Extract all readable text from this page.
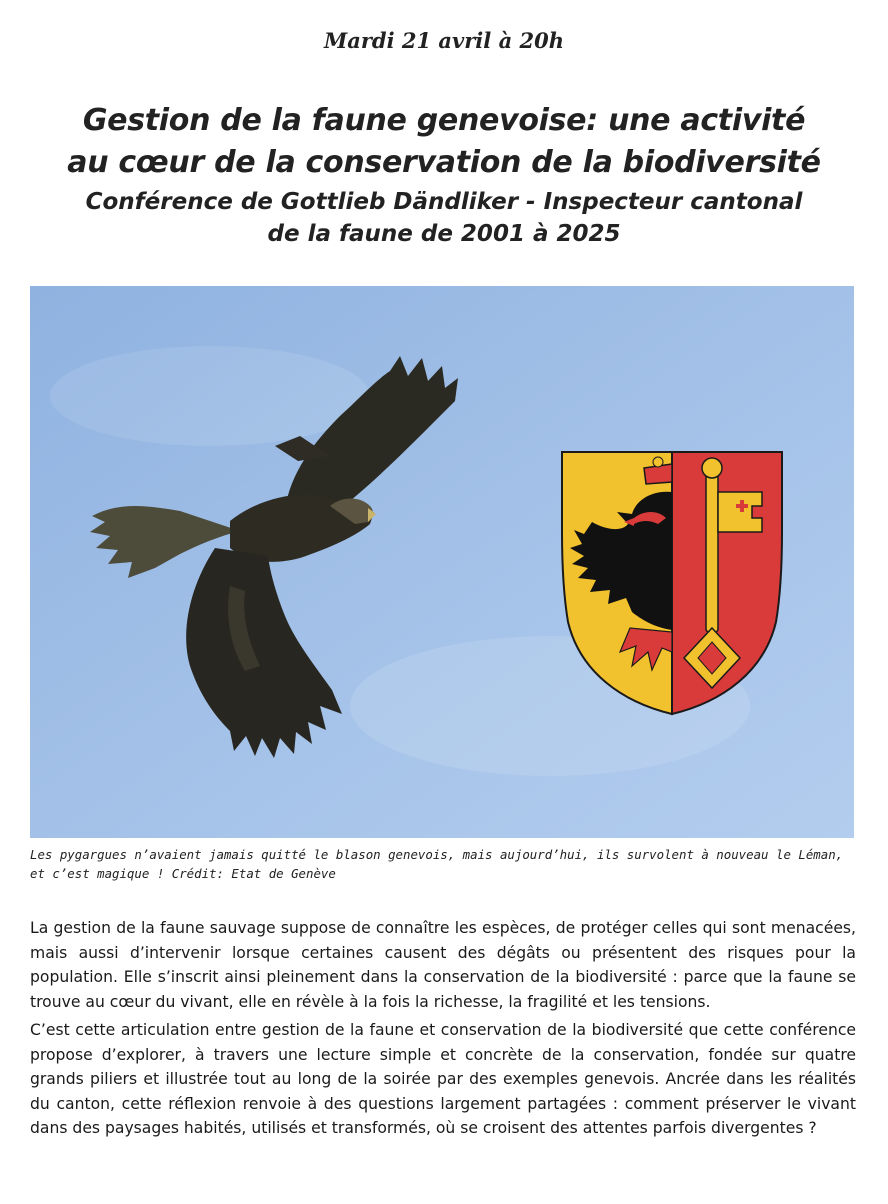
Mardi 21 avril à 20h
Gestion de la faune genevoise: une activité
au cœur de la conservation de la biodiversité
Conférence de Gottlieb Dändliker - Inspecteur cantonal
de la faune de 2001 à 2025
Les pygargues n’avaient jamais quitté le blason genevois, mais aujourd’hui, ils survolent à nouveau le Léman,
et c’est magique ! Crédit: Etat de Genève

La gestion de la faune sauvage suppose de connaître les espèces, de protéger celles qui sont menacées, mais aussi d’intervenir lorsque certaines causent des dégâts ou présentent des risques pour la population. Elle s’inscrit ainsi pleinement dans la conservation de la biodiversité : parce que la faune se trouve au cœur du vivant, elle en révèle à la fois la richesse, la fragilité et les tensions.

C’est cette articulation entre gestion de la faune et conservation de la biodiversité que cette conférence propose d’explorer, à travers une lecture simple et concrète de la conservation, fondée sur quatre grands piliers et illustrée tout au long de la soirée par des exemples genevois. Ancrée dans les réalités du canton, cette réflexion renvoie à des questions largement partagées : comment préserver le vivant dans des paysages habités, utilisés et transformés, où se croisent des attentes parfois divergentes ?
